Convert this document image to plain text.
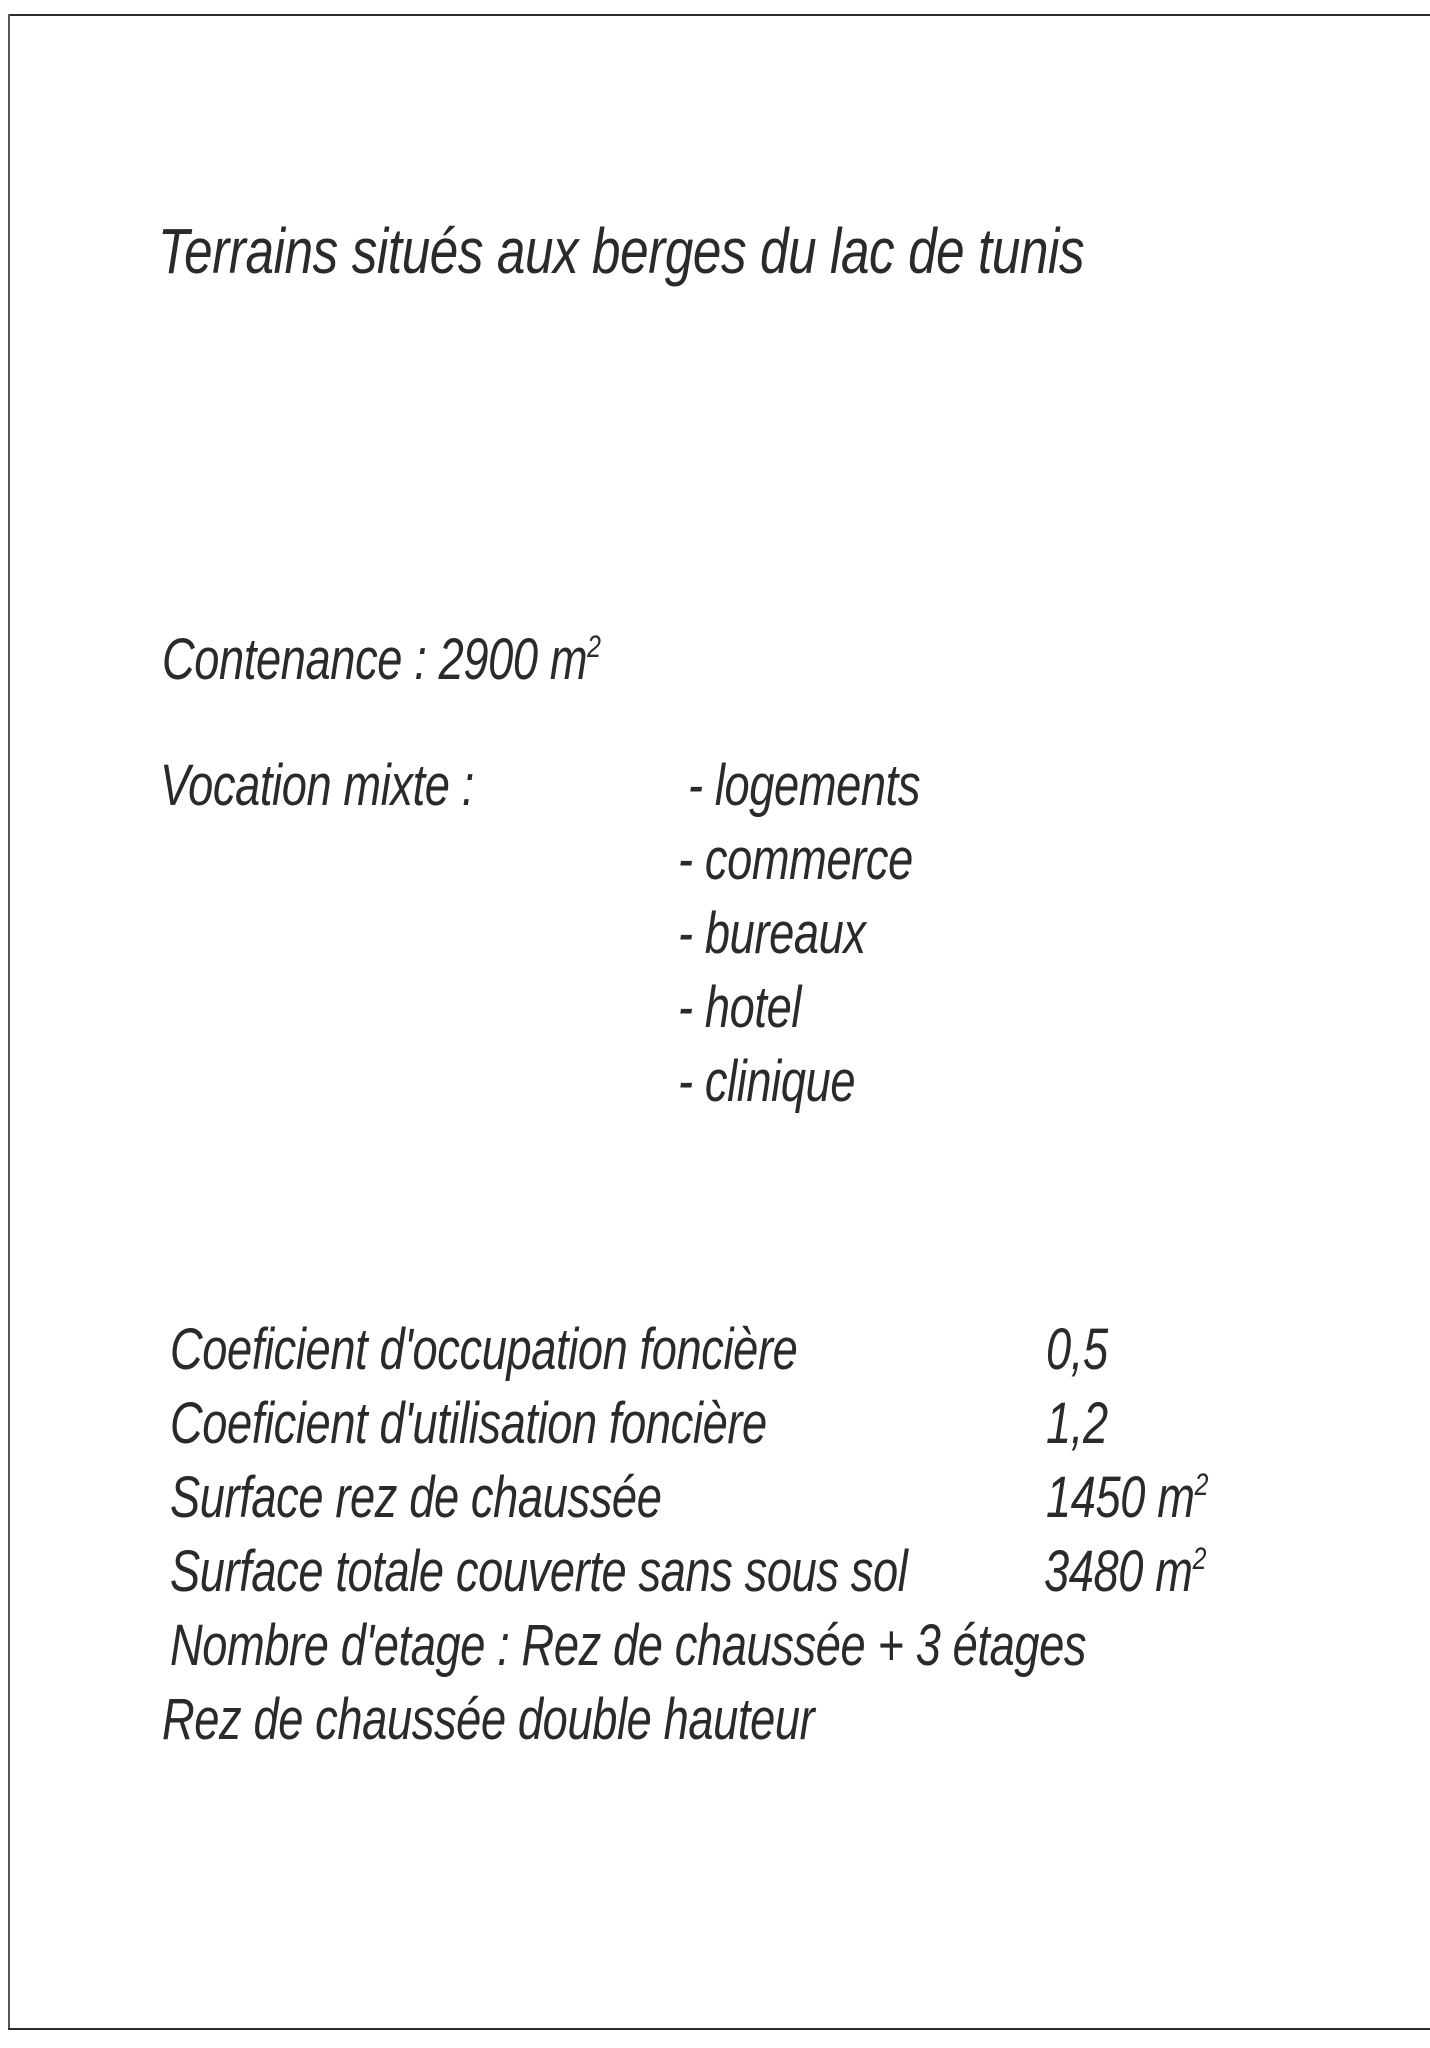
Terrains situés aux berges du lac de tunis
Contenance : 2900 $m^2$
Vocation mixte :	- logements
- commerce
- bureaux
- hotel
- clinique
Coeficient d'occupation foncière	0,5
Coeficient d'utilisation foncière	1,2
Surface rez de chaussée	1450 $m^2$
Surface totale couverte sans sous sol 3480 $m^2$
Nombre d'etage : Rez de chaussée + 3 étages
Rez de chaussée double hauteur
